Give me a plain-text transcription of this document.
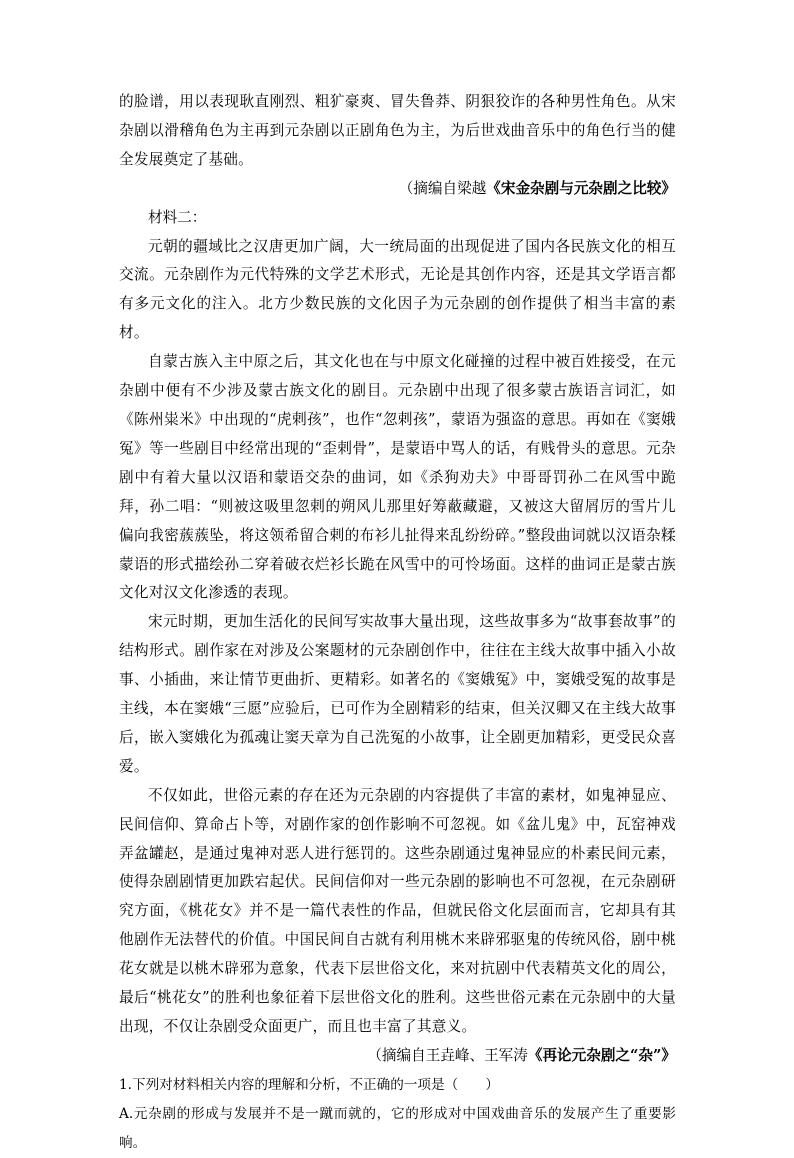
的脸谱，用以表现耿直刚烈、粗犷豪爽、冒失鲁莽、阴狠狡诈的各种男性角色。从宋杂剧以滑稽角色为主再到元杂剧以正剧角色为主，为后世戏曲音乐中的角色行当的健全发展奠定了基础。

（摘编自梁越《宋金杂剧与元杂剧之比较》

材料二：

元朝的疆域比之汉唐更加广阔，大一统局面的出现促进了国内各民族文化的相互交流。元杂剧作为元代特殊的文学艺术形式，无论是其创作内容，还是其文学语言都有多元文化的注入。北方少数民族的文化因子为元杂剧的创作提供了相当丰富的素材。

自蒙古族入主中原之后，其文化也在与中原文化碰撞的过程中被百姓接受，在元杂剧中便有不少涉及蒙古族文化的剧目。元杂剧中出现了很多蒙古族语言词汇，如《陈州粜米》中出现的“虎剌孩”，也作“忽剌孩”，蒙语为强盗的意思。再如在《窦娥冤》等一些剧目中经常出现的“歪剌骨”，是蒙语中骂人的话，有贱骨头的意思。元杂剧中有着大量以汉语和蒙语交杂的曲词，如《杀狗劝夫》中哥哥罚孙二在风雪中跪拜，孙二唱：“则被这吸里忽剌的朔风儿那里好筹蔽藏避，又被这大留屑厉的雪片儿偏向我密蔟蔟坠，将这领希留合剌的布衫儿扯得来乱纷纷碎。”整段曲词就以汉语杂糅蒙语的形式描绘孙二穿着破衣烂衫长跪在风雪中的可怜场面。这样的曲词正是蒙古族文化对汉文化渗透的表现。

宋元时期，更加生活化的民间写实故事大量出现，这些故事多为“故事套故事”的结构形式。剧作家在对涉及公案题材的元杂剧创作中，往往在主线大故事中插入小故事、小插曲，来让情节更曲折、更精彩。如著名的《窦娥冤》中，窦娥受冤的故事是主线，本在窦娥“三愿”应验后，已可作为全剧精彩的结束，但关汉卿又在主线大故事后，嵌入窦娥化为孤魂让窦天章为自己洗冤的小故事，让全剧更加精彩，更受民众喜爱。

不仅如此，世俗元素的存在还为元杂剧的内容提供了丰富的素材，如鬼神显应、民间信仰、算命占卜等，对剧作家的创作影响不可忽视。如《盆儿鬼》中，瓦窑神戏弄盆罐赵，是通过鬼神对恶人进行惩罚的。这些杂剧通过鬼神显应的朴素民间元素，使得杂剧剧情更加跌宕起伏。民间信仰对一些元杂剧的影响也不可忽视，在元杂剧研究方面，《桃花女》并不是一篇代表性的作品，但就民俗文化层面而言，它却具有其他剧作无法替代的价值。中国民间自古就有利用桃木来辟邪驱鬼的传统风俗，剧中桃花女就是以桃木辟邪为意象，代表下层世俗文化，来对抗剧中代表精英文化的周公，最后“桃花女”的胜利也象征着下层世俗文化的胜利。这些世俗元素在元杂剧中的大量出现，不仅让杂剧受众面更广，而且也丰富了其意义。

（摘编自王垚峰、王军涛《再论元杂剧之“杂”》

1.下列对材料相关内容的理解和分析，不正确的一项是（　　）

A.元杂剧的形成与发展并不是一蹴而就的，它的形成对中国戏曲音乐的发展产生了重要影响。
